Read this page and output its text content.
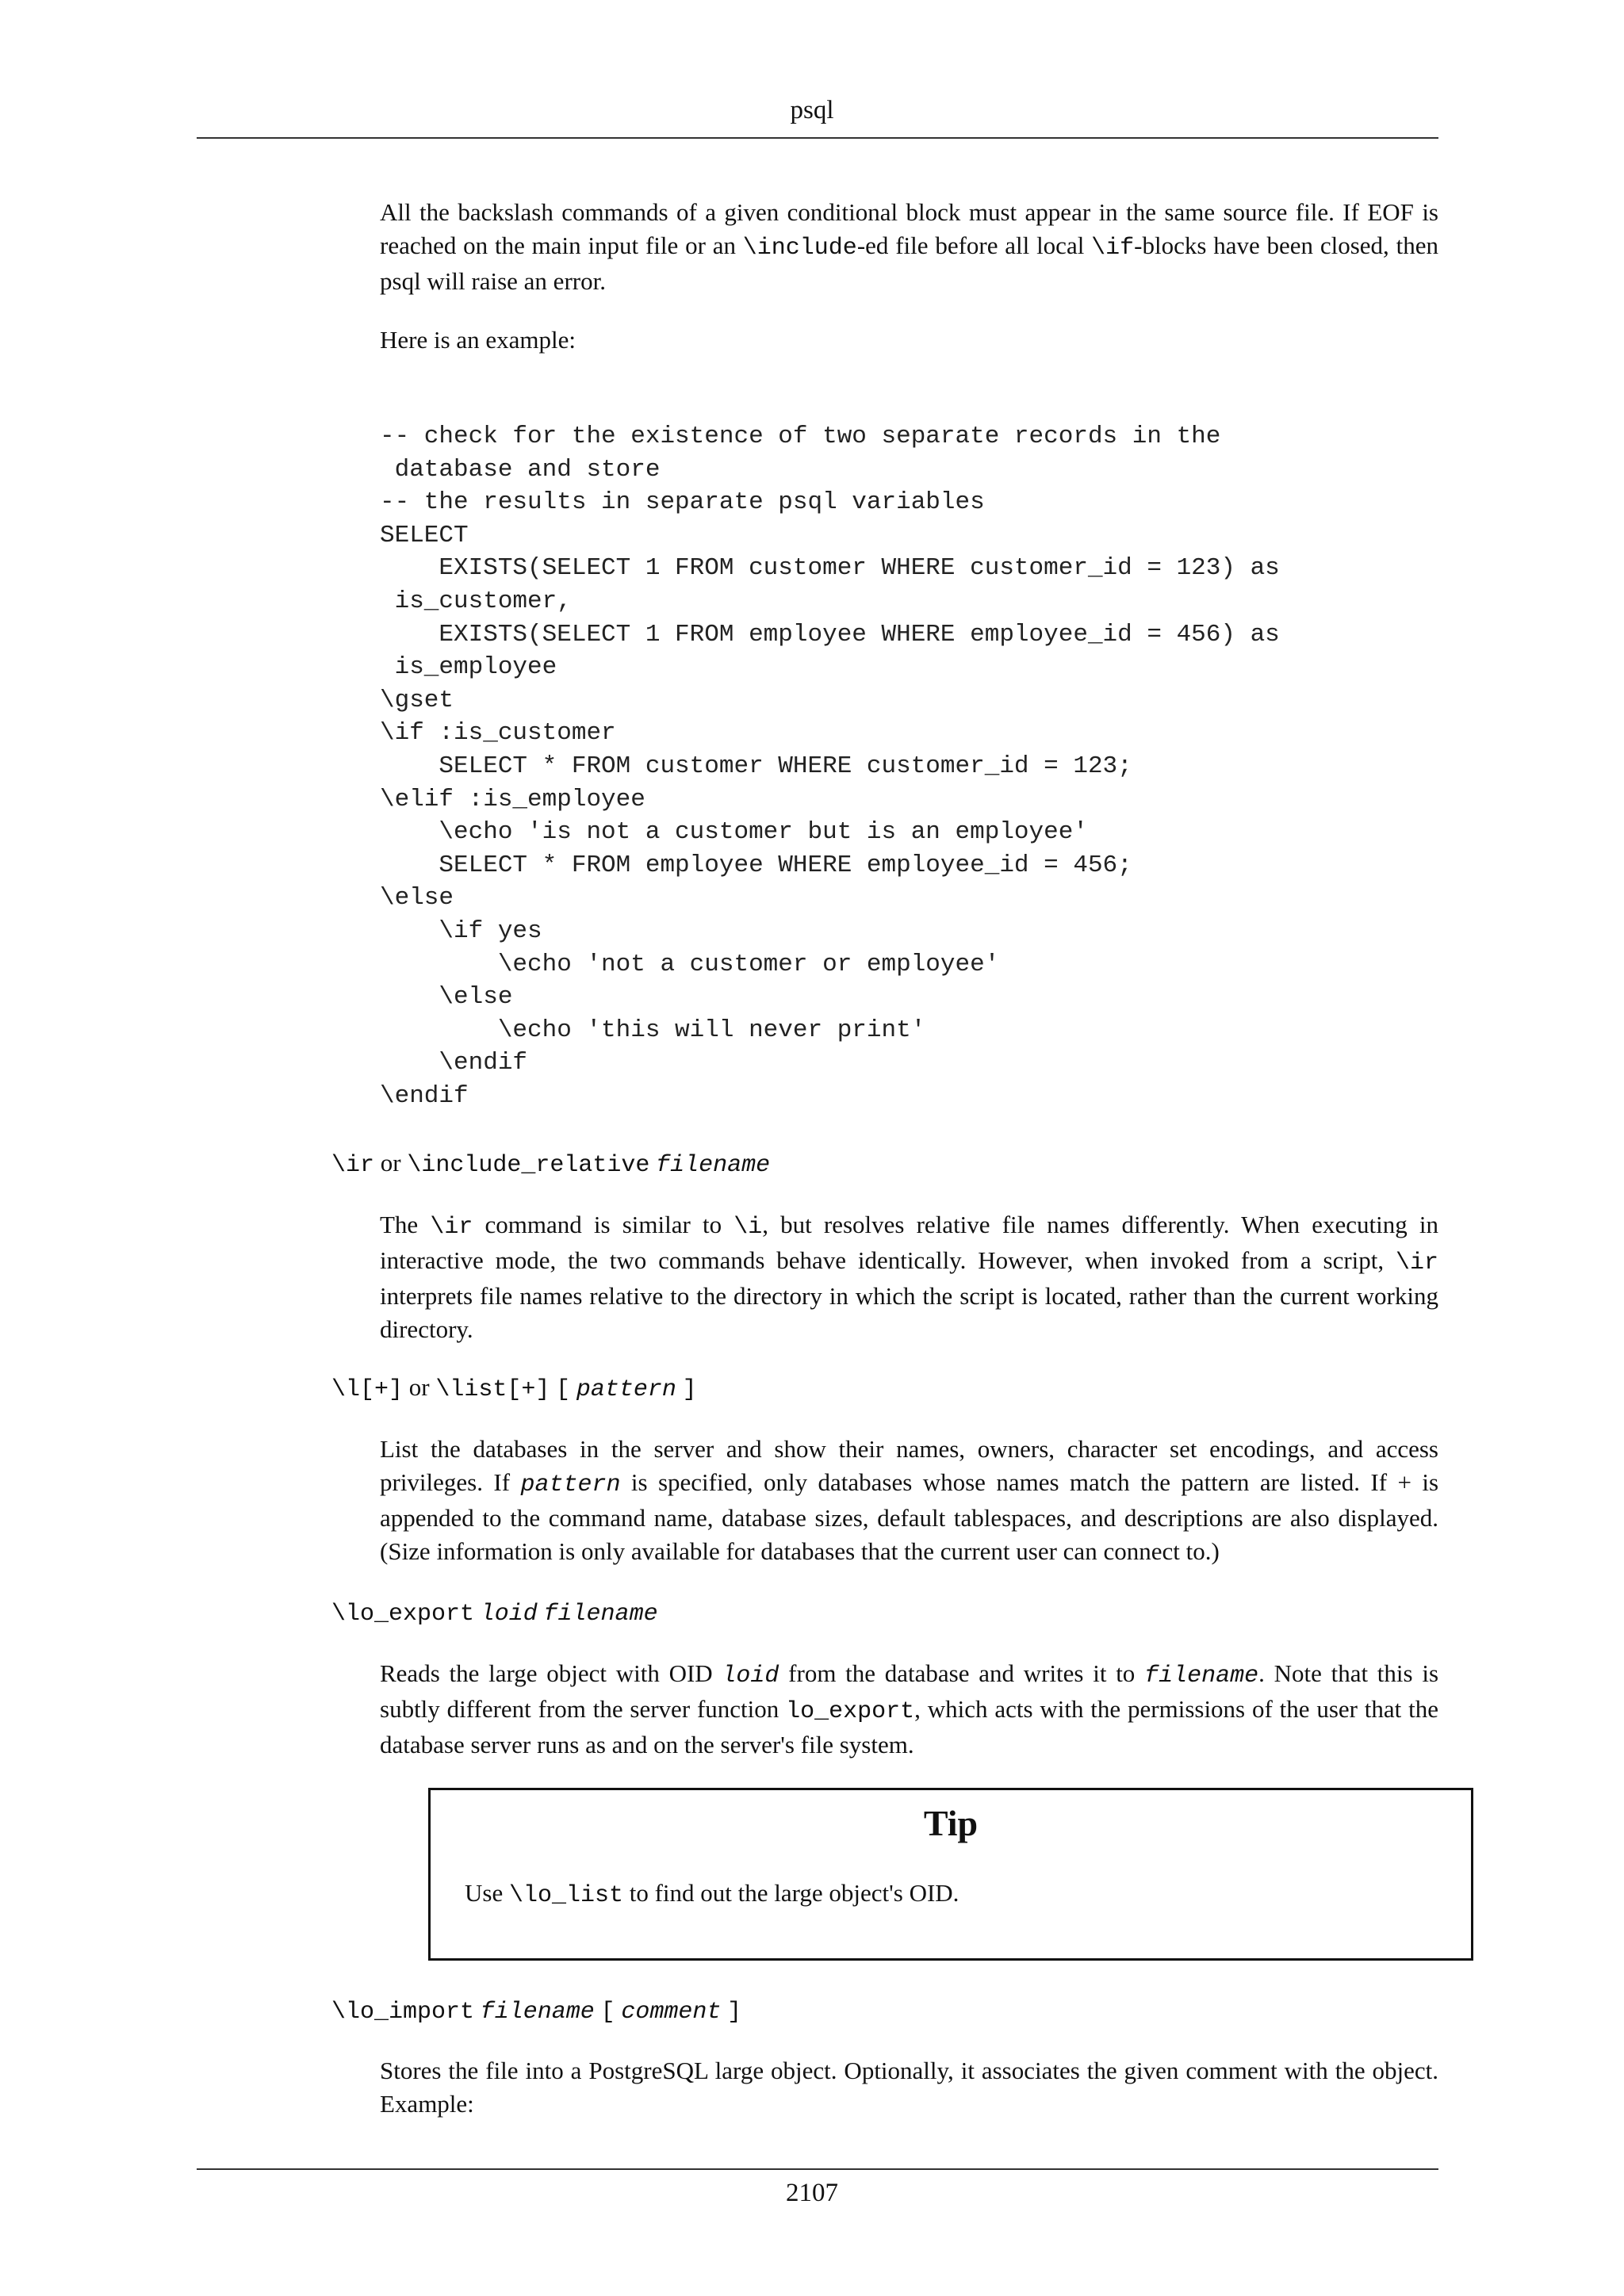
psql

All the backslash commands of a given conditional block must appear in the same source file. If EOF is reached on the main input file or an \include-ed file before all local \if-blocks have been closed, then psql will raise an error.

Here is an example:

-- check for the existence of two separate records in the
database and store
-- the results in separate psql variables
SELECT
EXISTS(SELECT 1 FROM customer WHERE customer_id = 123) as
is_customer,
EXISTS(SELECT 1 FROM employee WHERE employee_id = 456) as
is_employee
\gset
\if :is_customer
SELECT * FROM customer WHERE customer_id = 123;
\elif :is_employee
\echo 'is not a customer but is an employee'
SELECT * FROM employee WHERE employee_id = 456;
\else
\if yes
\echo 'not a customer or employee'
\else
\echo 'this will never print'
\endif
\endif
\ir or \include_relative filename

The \ir command is similar to \i, but resolves relative file names differently. When executing in interactive mode, the two commands behave identically. However, when invoked from a script, \ir interprets file names relative to the directory in which the script is located, rather than the current working directory.

\l[+] or \list[+] [ pattern ]

List the databases in the server and show their names, owners, character set encodings, and access privileges. If pattern is specified, only databases whose names match the pattern are listed. If + is appended to the command name, database sizes, default tablespaces, and descriptions are also displayed. (Size information is only available for databases that the current user can connect to.)

\lo_export loid filename

Reads the large object with OID loid from the database and writes it to filename. Note that this is subtly different from the server function lo_export, which acts with the permissions of the user that the database server runs as and on the server's file system.

Tip
Use \lo_list to find out the large object's OID.
\lo_import filename [ comment ]

Stores the file into a PostgreSQL large object. Optionally, it associates the given comment with the object. Example:

2107
